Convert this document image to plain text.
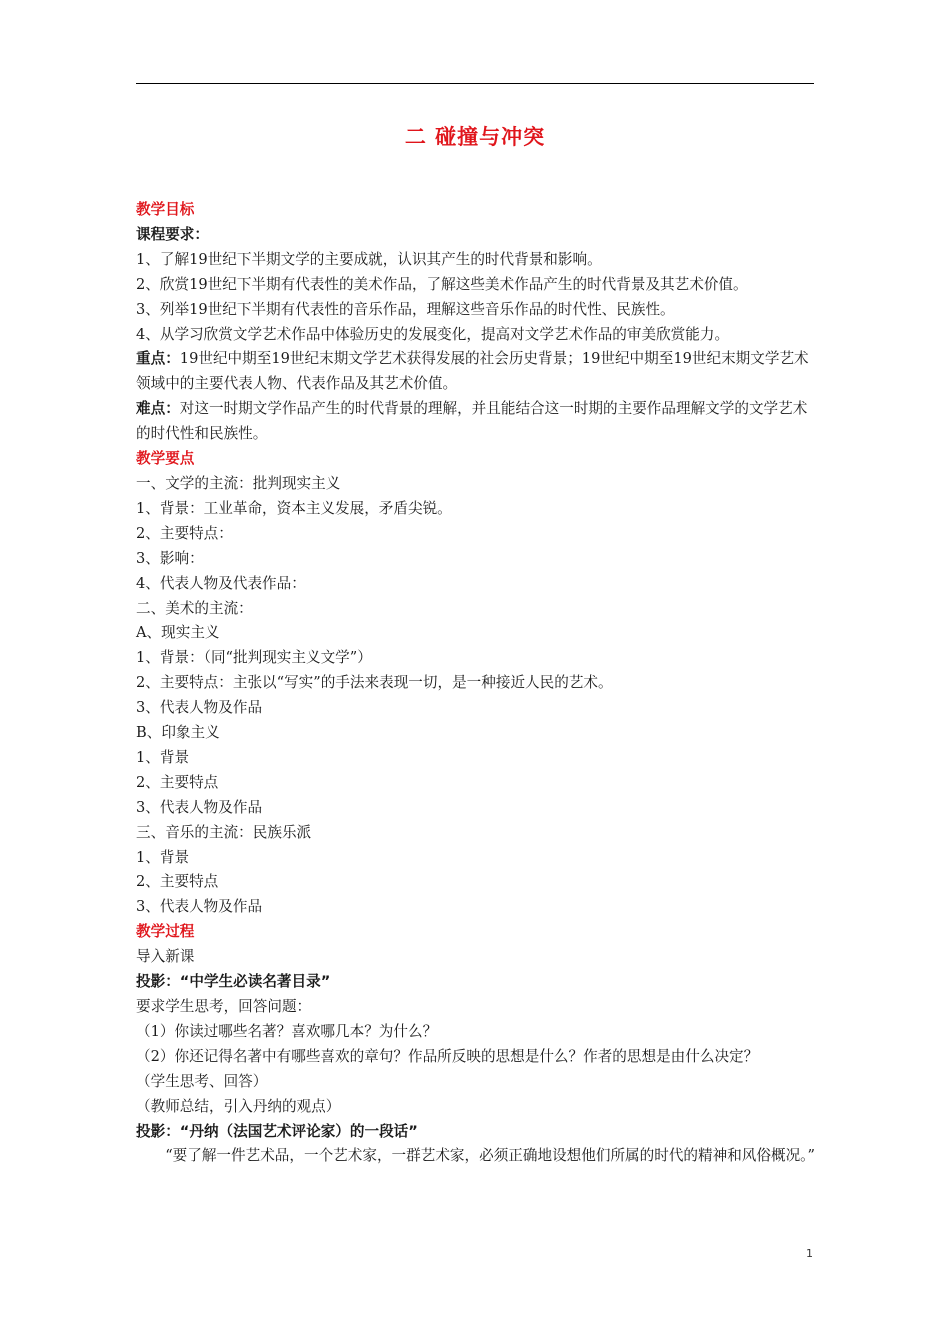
二 碰撞与冲突
教学目标
课程要求：
1、了解19世纪下半期文学的主要成就，认识其产生的时代背景和影响。
2、欣赏19世纪下半期有代表性的美术作品，了解这些美术作品产生的时代背景及其艺术价值。
3、列举19世纪下半期有代表性的音乐作品，理解这些音乐作品的时代性、民族性。
4、从学习欣赏文学艺术作品中体验历史的发展变化，提高对文学艺术作品的审美欣赏能力。
重点：19世纪中期至19世纪末期文学艺术获得发展的社会历史背景；19世纪中期至19世纪末期文学艺术领域中的主要代表人物、代表作品及其艺术价值。
难点：对这一时期文学作品产生的时代背景的理解，并且能结合这一时期的主要作品理解文学的文学艺术的时代性和民族性。
教学要点
一、文学的主流：批判现实主义
1、背景：工业革命，资本主义发展，矛盾尖锐。
2、主要特点：
3、影响：
4、代表人物及代表作品：
二、美术的主流：
A、现实主义
1、背景：（同“批判现实主义文学”）
2、主要特点：主张以“写实”的手法来表现一切，是一种接近人民的艺术。
3、代表人物及作品
B、印象主义
1、背景
2、主要特点
3、代表人物及作品
三、音乐的主流：民族乐派
1、背景
2、主要特点
3、代表人物及作品
教学过程
导入新课
投影：“中学生必读名著目录”
要求学生思考，回答问题：
（1）你读过哪些名著？喜欢哪几本？为什么？
（2）你还记得名著中有哪些喜欢的章句？作品所反映的思想是什么？作者的思想是由什么决定？
（学生思考、回答）
（教师总结，引入丹纳的观点）
投影：“丹纳（法国艺术评论家）的一段话”
“要了解一件艺术品，一个艺术家，一群艺术家，必须正确地设想他们所属的时代的精神和风俗概况。”
1
